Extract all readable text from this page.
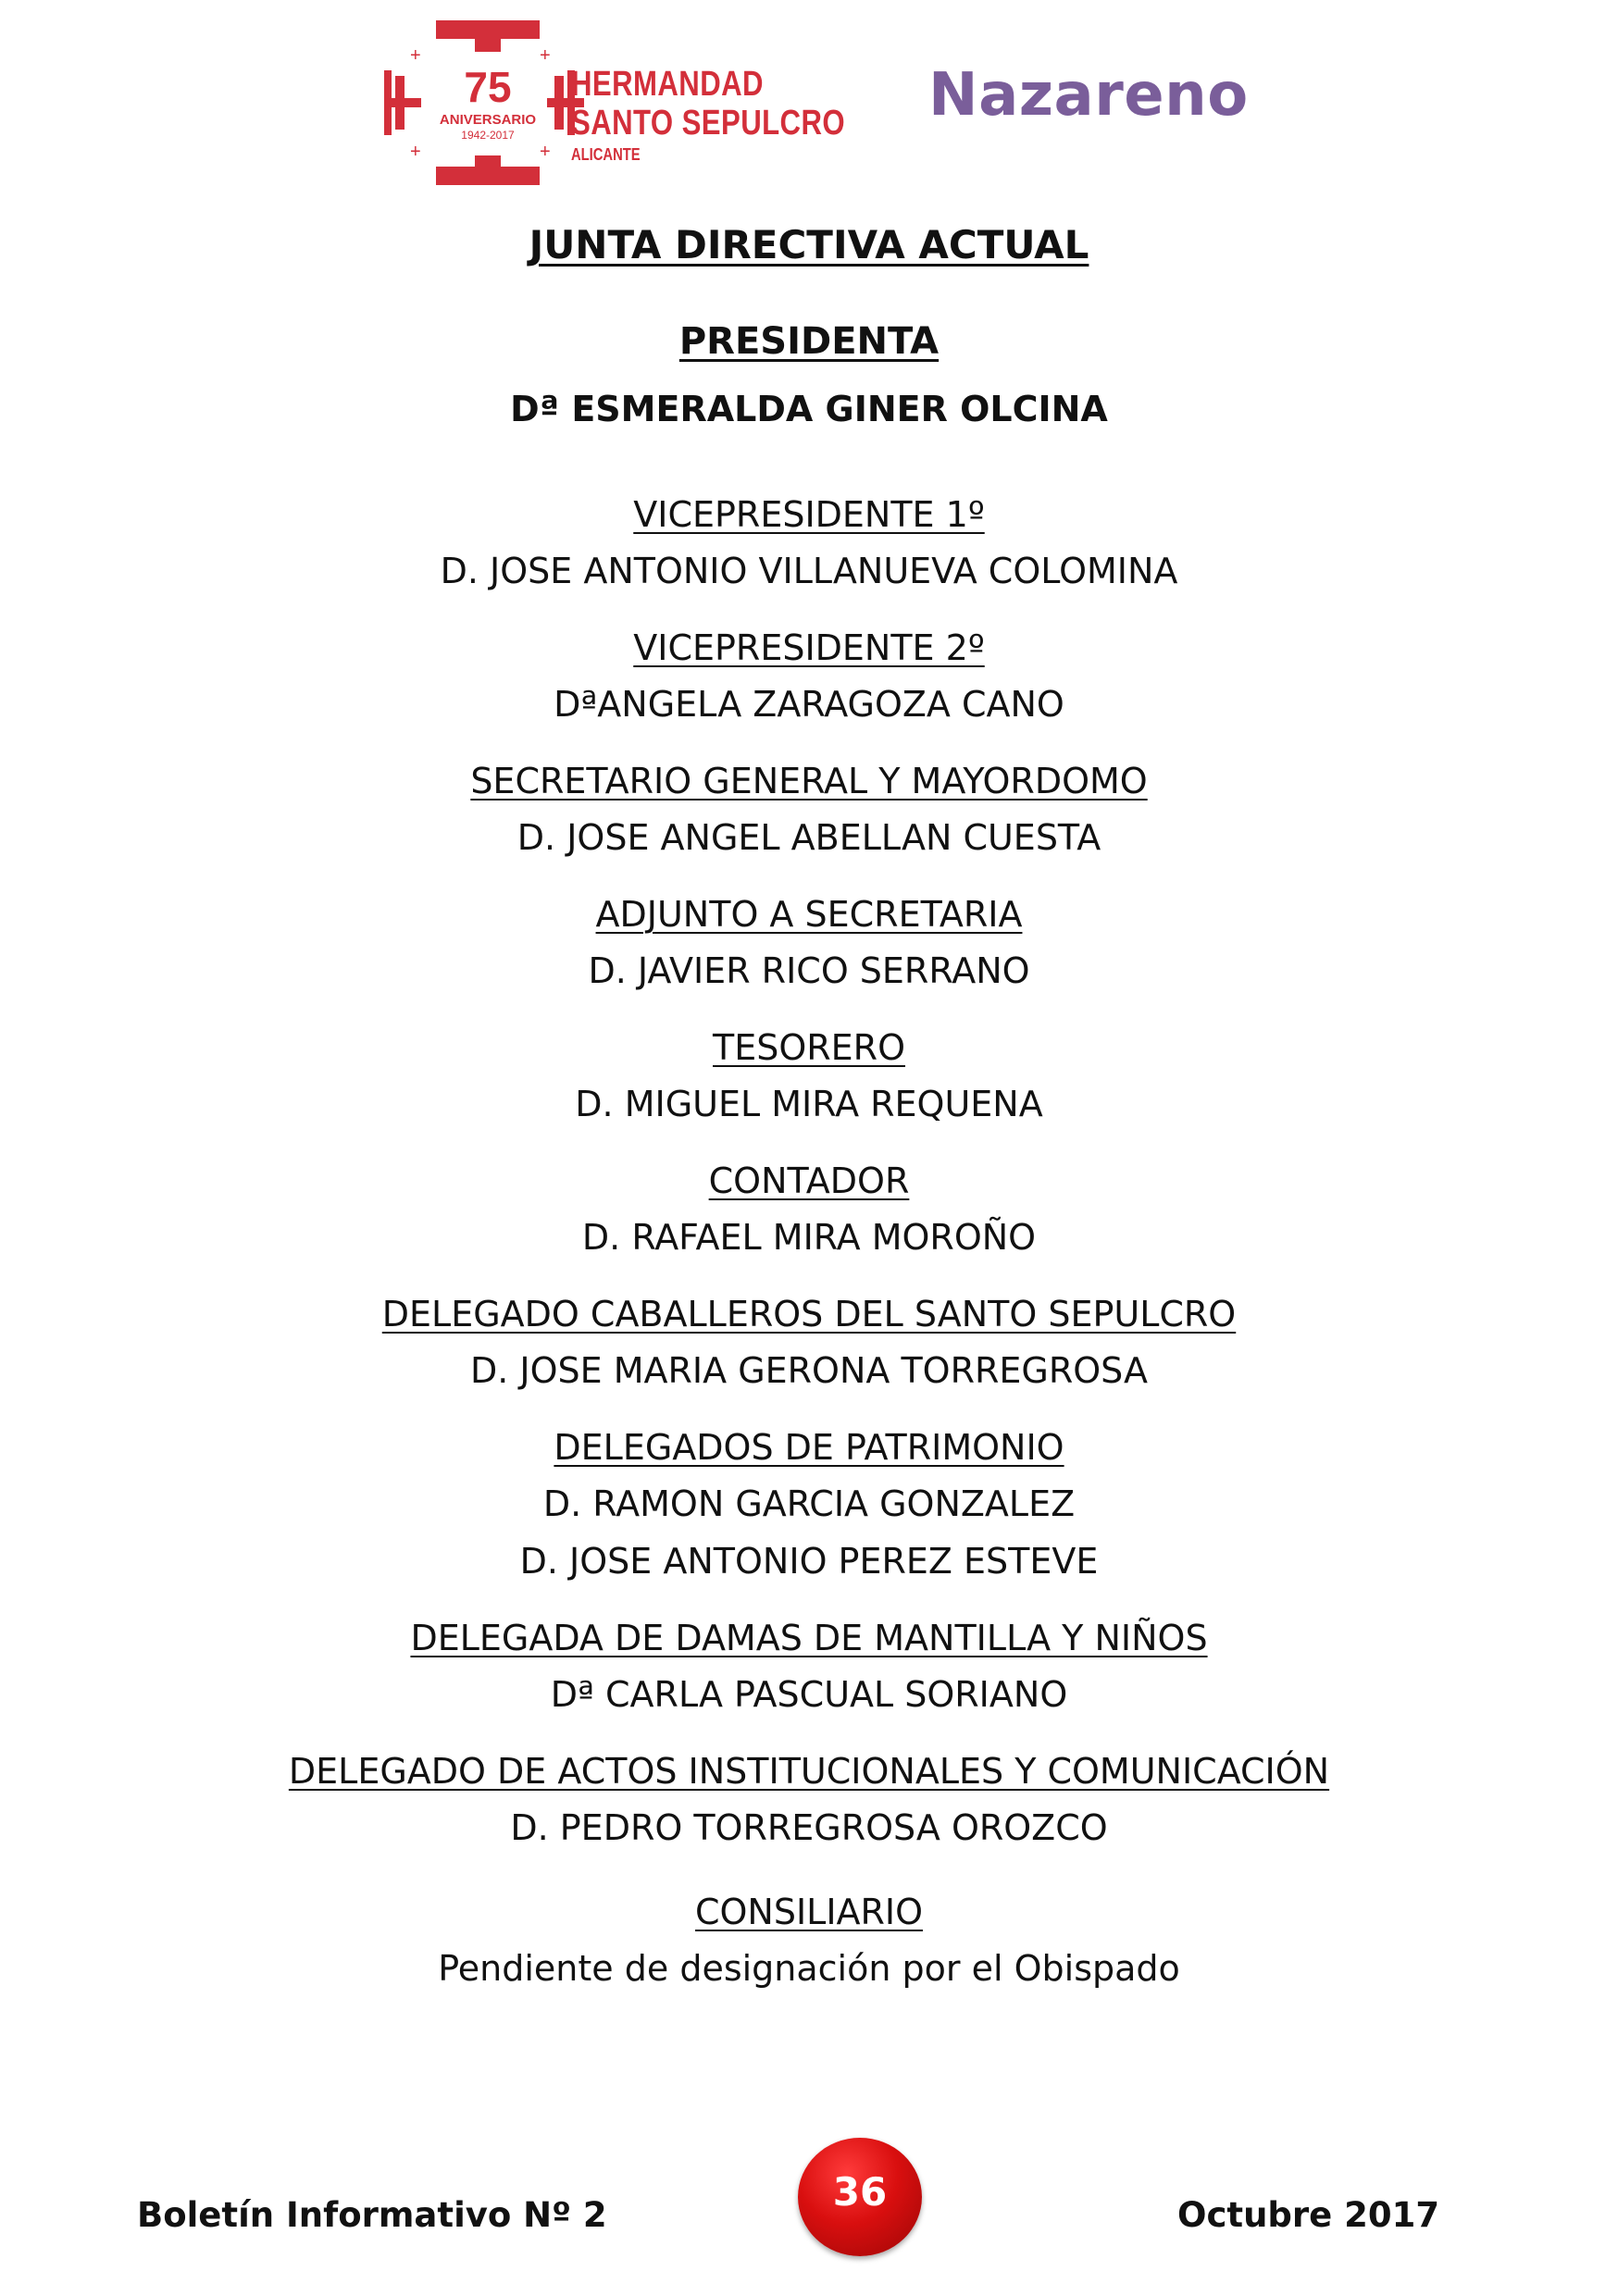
+	+
+	+
75
ANIVERSARIO
1942-2017
HERMANDAD
SANTO SEPULCRO
ALICANTE
Nazareno
JUNTA DIRECTIVA ACTUAL
PRESIDENTA
Dª ESMERALDA GINER OLCINA
VICEPRESIDENTE 1º
D. JOSE ANTONIO VILLANUEVA COLOMINA
VICEPRESIDENTE 2º
DªANGELA ZARAGOZA CANO
SECRETARIO GENERAL Y MAYORDOMO
D. JOSE ANGEL ABELLAN CUESTA
ADJUNTO A SECRETARIA
D. JAVIER RICO SERRANO
TESORERO
D. MIGUEL MIRA REQUENA
CONTADOR
D. RAFAEL MIRA MOROÑO
DELEGADO CABALLEROS DEL SANTO SEPULCRO
D. JOSE MARIA GERONA TORREGROSA
DELEGADOS DE PATRIMONIO
D. RAMON GARCIA GONZALEZ
D. JOSE ANTONIO PEREZ ESTEVE
DELEGADA DE DAMAS DE MANTILLA Y NIÑOS
Dª CARLA PASCUAL SORIANO
DELEGADO DE ACTOS INSTITUCIONALES Y COMUNICACIÓN
D. PEDRO TORREGROSA OROZCO
CONSILIARIO
Pendiente de designación por el Obispado
Boletín Informativo Nº 2
36
Octubre 2017
